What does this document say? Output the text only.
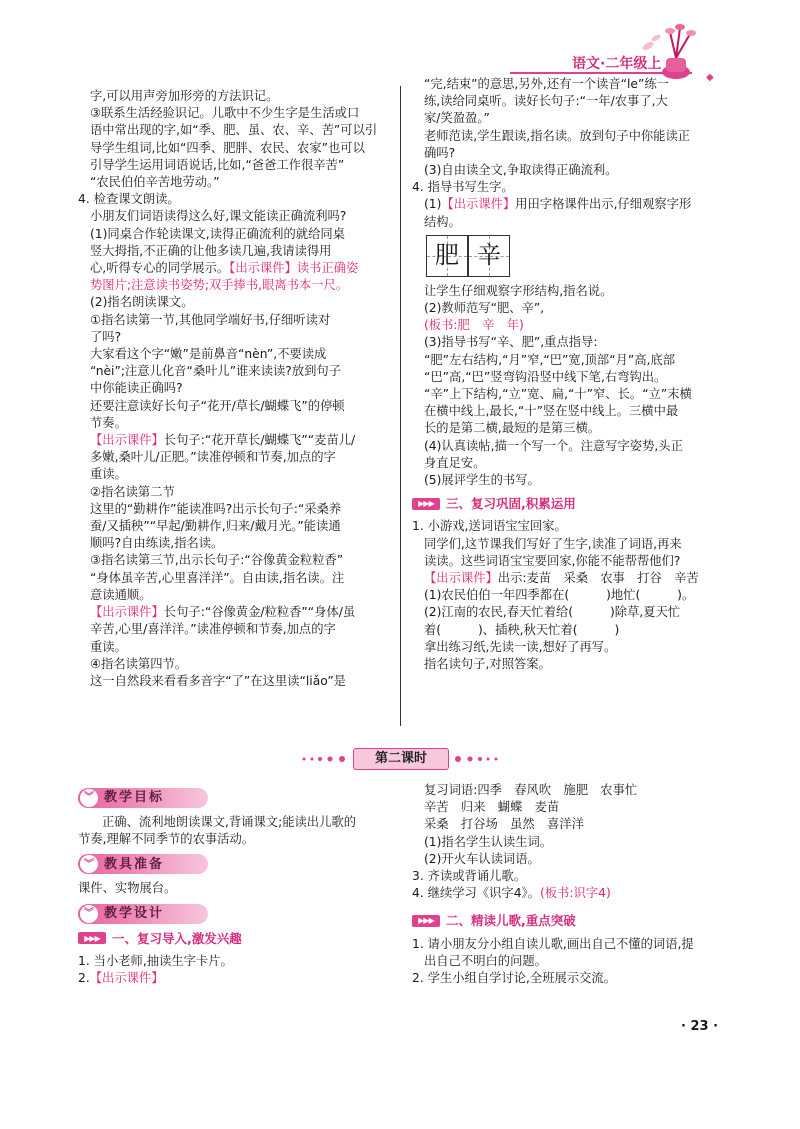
语文·二年级上
◆

字,可以用声旁加形旁的方法识记。

③联系生活经验识记。儿歌中不少生字是生活或口

语中常出现的字,如“季、肥、虽、农、辛、苦”可以引

导学生组词,比如“四季、肥胖、农民、农家”也可以

引导学生运用词语说话,比如,“爸爸工作很辛苦”

“农民伯伯辛苦地劳动。”

4. 检查课文朗读。

小朋友们词语读得这么好,课文能读正确流利吗?

(1)同桌合作轮读课文,读得正确流利的就给同桌

竖大拇指,不正确的让他多读几遍,我请读得用

心,听得专心的同学展示。【出示课件】读书正确姿

势图片;注意读书姿势;双手捧书,眼离书本一尺。

(2)指名朗读课文。

①指名读第一节,其他同学端好书,仔细听读对

了吗?

大家看这个字“嫩”是前鼻音“nèn”,不要读成

“nèi”;注意儿化音“桑叶儿”谁来读读?放到句子

中你能读正确吗?

还要注意读好长句子“花开/草长/蝴蝶飞”的停顿

节奏。

【出示课件】长句子:“花开草长/蝴蝶飞”“麦苗儿/

多嫩,桑叶儿/正肥。”读准停顿和节奏,加点的字

重读。

②指名读第二节

这里的“勤耕作”能读准吗?出示长句子:“采桑养

蚕/又插秧”“早起/勤耕作,归来/戴月光。”能读通

顺吗?自由练读,指名读。

③指名读第三节,出示长句子:“谷像黄金粒粒香”

“身体虽辛苦,心里喜洋洋”。自由读,指名读。注

意读通顺。

【出示课件】长句子:“谷像黄金/粒粒香”“身体/虽

辛苦,心里/喜洋洋。”读准停顿和节奏,加点的字

重读。

④指名读第四节。

这一自然段来看看多音字“了”在这里读“liǎo”是

“完,结束”的意思,另外,还有一个读音“le”练一

练,读给同桌听。读好长句子:“一年/农事了,大

家/笑盈盈。”

老师范读,学生跟读,指名读。放到句子中你能读正

确吗?

(3)自由读全文,争取读得正确流利。

4. 指导书写生字。

(1)【出示课件】用田字格课件出示,仔细观察字形

结构。

肥 辛

让学生仔细观察字形结构,指名说。

(2)教师范写“肥、辛”,

(板书:肥　辛　年)

(3)指导书写“辛、肥”,重点指导:

“肥”左右结构,“月”窄,“巴”宽,顶部“月”高,底部

“巴”高,“巴”竖弯钩沿竖中线下笔,右弯钩出。

“辛”上下结构,“立”宽、扁,“十”窄、长。“立”末横

在横中线上,最长,“十”竖在竖中线上。三横中最

长的是第二横,最短的是第三横。

(4)认真读帖,描一个写一个。注意写字姿势,头正

身直足安。

(5)展评学生的书写。

▶▶▶ 三、复习巩固,积累运用

1. 小游戏,送词语宝宝回家。

同学们,这节课我们写好了生字,读准了词语,再来

读读。这些词语宝宝要回家,你能不能帮帮他们?

【出示课件】出示:麦苗　采桑　农事　打谷　辛苦

(1)农民伯伯一年四季都在(　　　)地忙(　　　)。

(2)江南的农民,春天忙着给(　　　)除草,夏天忙

着(　　　)、插秧,秋天忙着(　　　)

拿出练习纸,先读一读,想好了再写。

指名读句子,对照答案。

第二课时
︾ 教学目标

正确、流利地朗读课文,背诵课文;能读出儿歌的

节奏,理解不同季节的农事活动。

︾ 教具准备

课件、实物展台。

︾ 教学设计
▶▶▶ 一、复习导入,激发兴趣

1. 当小老师,抽读生字卡片。

2.【出示课件】

复习词语:四季　春风吹　施肥　农事忙

辛苦　归来　蝴蝶　麦苗

采桑　打谷场　虽然　喜洋洋

(1)指名学生认读生词。

(2)开火车认读词语。

3. 齐读或背诵儿歌。

4. 继续学习《识字4》。(板书:识字4)

▶▶▶ 二、精读儿歌,重点突破

1. 请小朋友分小组自读儿歌,画出自己不懂的词语,提

出自己不明白的问题。

2. 学生小组自学讨论,全班展示交流。

· 23 ·
